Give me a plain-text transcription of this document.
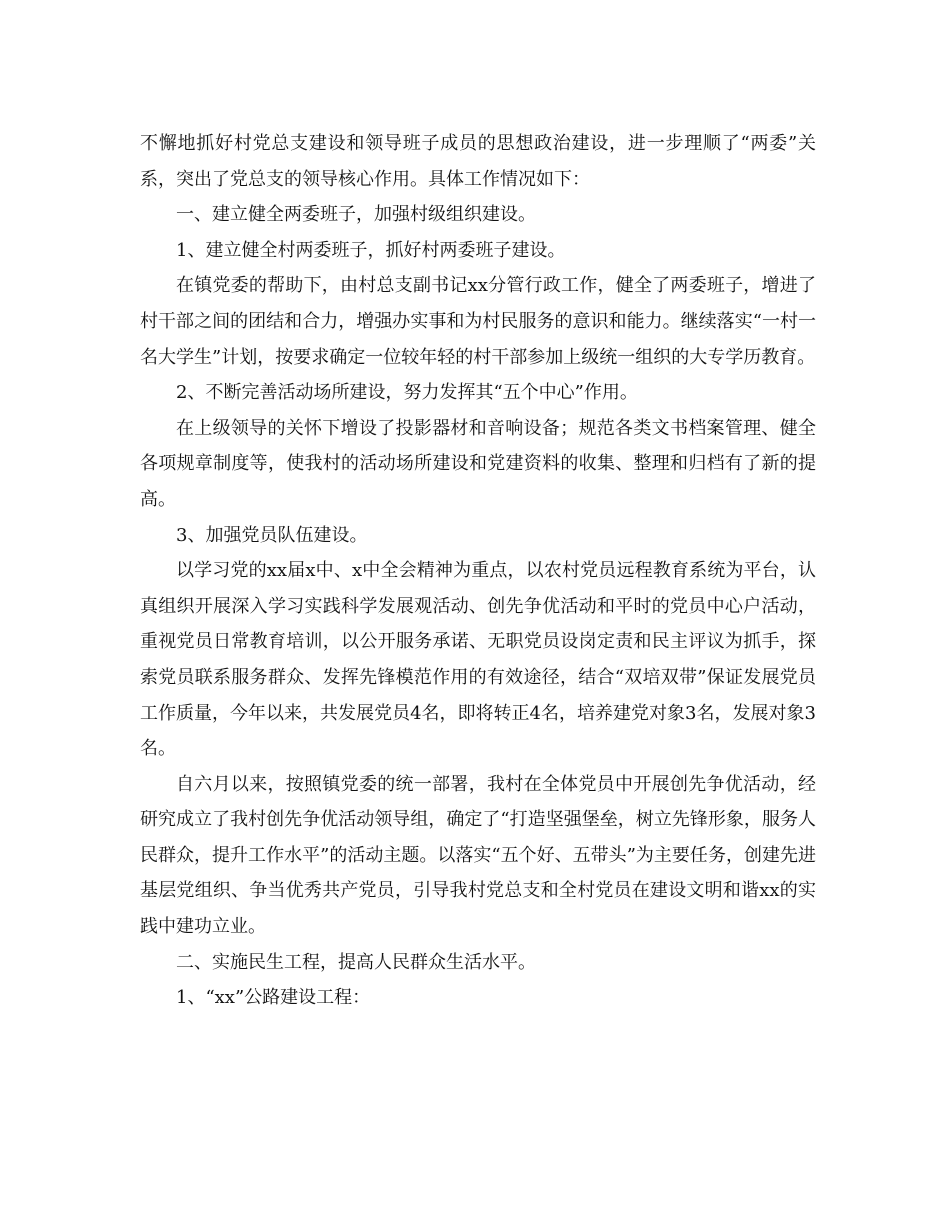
不懈地抓好村党总支建设和领导班子成员的思想政治建设，进一步理顺了“两委”关系，突出了党总支的领导核心作用。具体工作情况如下：

一、建立健全两委班子，加强村级组织建设。

1、建立健全村两委班子，抓好村两委班子建设。

在镇党委的帮助下，由村总支副书记xx分管行政工作，健全了两委班子，增进了村干部之间的团结和合力，增强办实事和为村民服务的意识和能力。继续落实“一村一名大学生”计划，按要求确定一位较年轻的村干部参加上级统一组织的大专学历教育。

2、不断完善活动场所建设，努力发挥其“五个中心”作用。

在上级领导的关怀下增设了投影器材和音响设备；规范各类文书档案管理、健全各项规章制度等，使我村的活动场所建设和党建资料的收集、整理和归档有了新的提高。

3、加强党员队伍建设。

以学习党的xx届x中、x中全会精神为重点，以农村党员远程教育系统为平台，认真组织开展深入学习实践科学发展观活动、创先争优活动和平时的党员中心户活动，重视党员日常教育培训，以公开服务承诺、无职党员设岗定责和民主评议为抓手，探索党员联系服务群众、发挥先锋模范作用的有效途径，结合“双培双带”保证发展党员工作质量，今年以来，共发展党员4名，即将转正4名，培养建党对象3名，发展对象3名。

自六月以来，按照镇党委的统一部署，我村在全体党员中开展创先争优活动，经研究成立了我村创先争优活动领导组，确定了“打造坚强堡垒，树立先锋形象，服务人民群众，提升工作水平”的活动主题。以落实“五个好、五带头”为主要任务，创建先进基层党组织、争当优秀共产党员，引导我村党总支和全村党员在建设文明和谐xx的实践中建功立业。

二、实施民生工程，提高人民群众生活水平。

1、“xx”公路建设工程：
